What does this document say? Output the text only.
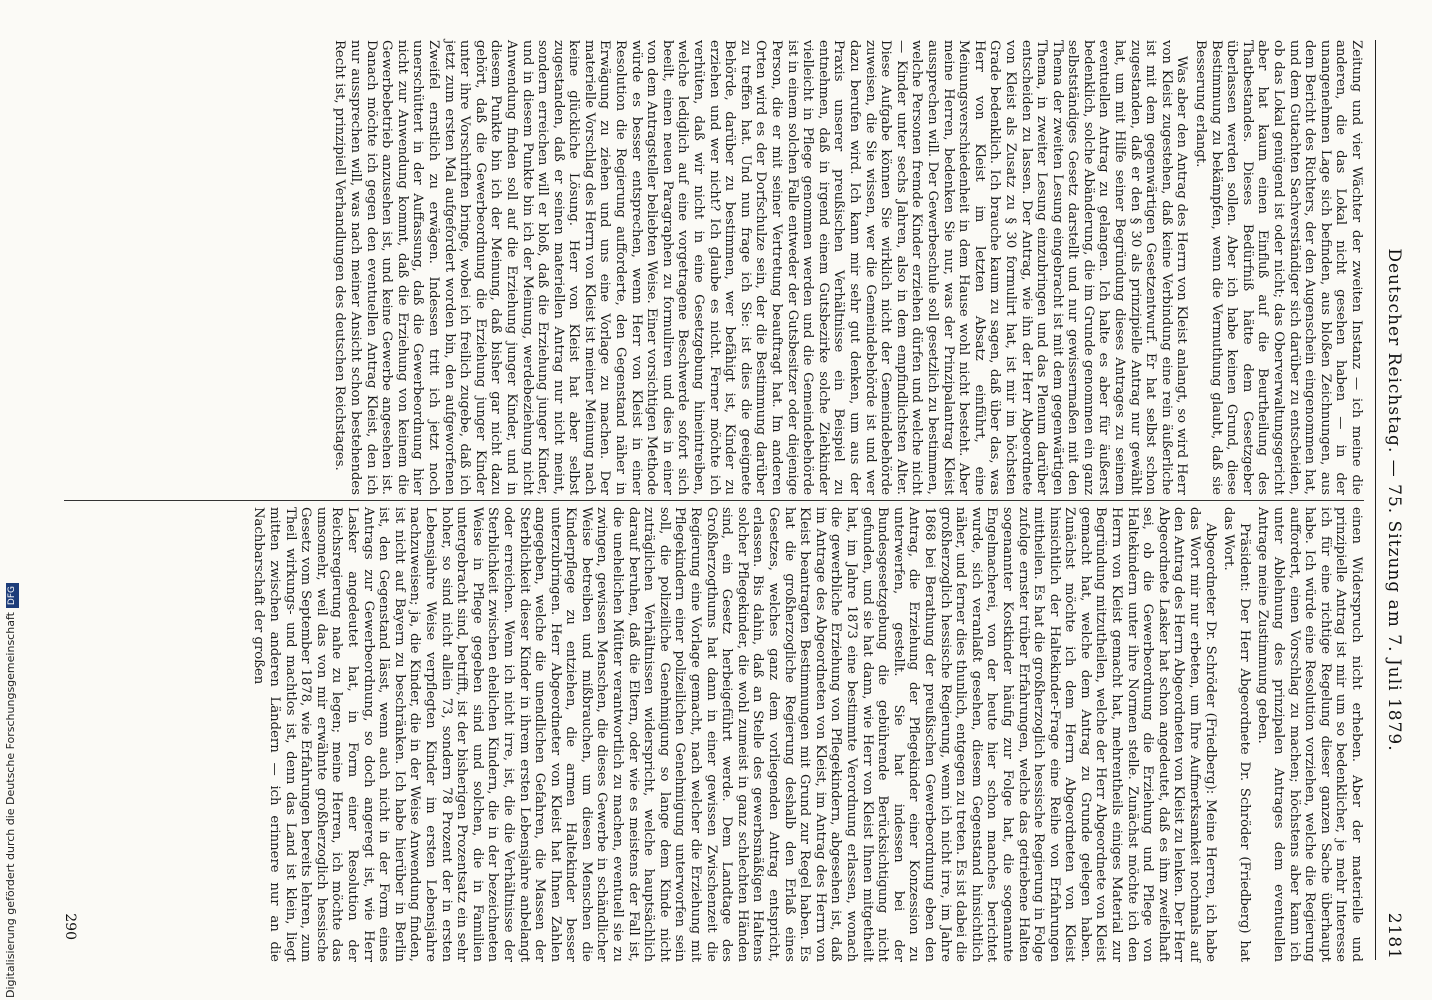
Deutscher Reichstag. — 75. Sitzung am 7. Juli 1879.
2181

Zeitung und vier Wächter der zweiten Instanz — ich meine die anderen, die das Lokal nicht gesehen haben — in der unangenehmen Lage sich befinden, aus bloßen Zeichnungen, aus dem Bericht des Richters, der den Augenschein eingenommen hat, und dem Gutachten Sachverständiger sich darüber zu entscheiden, ob das Lokal genügend ist oder nicht; das Oberverwaltungsgericht aber hat kaum einen Einfluß auf die Beurtheilung des Thatbestandes. Dieses Bedürfniß hätte dem Gesetzgeber überlassen werden sollen. Aber ich habe keinen Grund, diese Bestimmung zu bekämpfen, wenn die Vermuthung glaubt, daß sie Besserung erlangt.

Was aber den Antrag des Herrn von Kleist anlangt, so wird Herr von Kleist zugestehen, daß keine Verbindung eine rein äußerliche ist mit dem gegenwärtigen Gesetzentwurf. Er hat selbst schon zugestanden, daß er den § 30 als prinzipielle Antrag nur gewählt hat, um mit Hilfe seiner Begründung dieses Antrages zu seinem eventuellen Antrag zu gelangen. Ich halte es aber für äußerst bedenklich, solche Abänderung, die im Grunde genommen ein ganz selbstständiges Gesetz darstellt und nur gewissermaßen mit den Thema der zweiten Lesung eingebracht ist mit dem gegenwärtigen Thema, in zweiter Lesung einzubringen und das Plenum darüber entscheiden zu lassen. Der Antrag, wie ihn der Herr Abgeordnete von Kleist als Zusatz zu § 30 formulirt hat, ist mir im höchsten Grade bedenklich. Ich brauche kaum zu sagen, daß über das, was Herr von Kleist im letzten Absatz einführt, eine Meinungsverschiedenheit in dem Hause wohl nicht besteht. Aber meine Herren, bedenken Sie nur, was der Prinzipalantrag Kleist aussprechen will. Der Gewerbeschule soll gesetzlich zu bestimmen, welche Personen fremde Kinder erziehen dürfen und welche nicht — Kinder unter sechs Jahren, also in dem empfindlichsten Alter. Diese Aufgabe können Sie wirklich nicht der Gemeindebehörde zuweisen, die Sie wissen, wer die Gemeindebehörde ist und wer dazu berufen wird. Ich kann mir sehr gut denken, um aus der Praxis unserer preußischen Verhältnisse ein Beispiel zu entnehmen, daß in irgend einem Gutsbezirke solche Ziehkinder vielleicht in Pflege genommen werden und die Gemeindebehörde ist in einem solchen Falle entweder der Gutsbesitzer oder diejenige Person, die er mit seiner Vertretung beauftragt hat. Im anderen Orten wird es der Dorfschulze sein, der die Bestimmung darüber zu treffen hat. Und nun frage ich Sie: ist dies die geeignete Behörde, darüber zu bestimmen, wer befähigt ist, Kinder zu erziehen und wer nicht? Ich glaube es nicht. Ferner möchte ich verhüten, daß wir nicht in eine Gesetzgebung hineintreiben, welche lediglich auf eine vorgetragene Beschwerde sofort sich beeilt, einen neuen Paragraphen zu formuliren und dies in einer von dem Antragsteller beliebten Weise. Einer vorsichtigen Methode würde es besser entsprechen, wenn Herr von Kleist in einer Resolution die Regierung aufforderte, den Gegenstand näher in Erwägung zu ziehen und uns eine Vorlage zu machen. Der materielle Vorschlag des Herrn von Kleist ist meiner Meinung nach keine glückliche Lösung. Herr von Kleist hat aber selbst zugestanden, daß er seinen materiellen Antrag nur nicht meint, sondern erreichen will er bloß, daß die Erziehung junger Kinder, und in diesem Punkte bin ich der Meinung, werdebeziehung nicht Anwendung finden soll auf die Erziehung junger Kinder, und in diesem Punkte bin ich der Meinung, daß bisher gar nicht dazu gehört, daß die Gewerbeordnung die Erziehung junger Kinder unter ihre Vorschriften bringe, wobei ich freilich zugebe, daß ich jetzt zum ersten Mal aufgefordert worden bin, den aufgeworfenen Zweifel ernstlich zu erwägen. Indessen tritt ich jetzt noch unerschüttert in der Auffassung, daß die Gewerbeordnung hier nicht zur Anwendung kommt, daß die Erziehung von keinem die Gewerbebetrieb anzusehen ist, und keine Gewerbe angesehen ist. Danach möchte ich gegen den eventuellen Antrag Kleist, den ich nur aussprechen will, was nach meiner Ansicht schon bestehendes Recht ist, prinzipiell Verhandlungen des deutschen Reichstages.

einen Widerspruch nicht erheben. Aber der materielle und prinzipielle Antrag ist mir um so bedenklicher, je mehr Interesse ich für eine richtige Regelung dieser ganzen Sache überhaupt habe. Ich würde eine Resolution vorziehen, welche die Regierung auffordert, einen Vorschlag zu machen; höchstens aber kann ich unter Ablehnung des prinzipalen Antrages dem eventuellen Antrage meine Zustimmung geben.

Präsident: Der Herr Abgeordnete Dr. Schröder (Friedberg) hat das Wort.

Abgeordneter Dr. Schröder (Friedberg): Meine Herren, ich habe das Wort mir nur erbeten, um Ihre Aufmerksamkeit nochmals auf den Antrag des Herrn Abgeordneten von Kleist zu lenken. Der Herr Abgeordnete Lasker hat schon angedeutet, daß es ihm zweifelhaft sei, ob die Gewerbeordnung die Erziehung und Pflege von Haltekindern unter ihre Normen stelle. Zunächst möchte ich den Herrn von Kleist gemacht hat, mehrentheils einiges Material zur Begründung mitzutheilen, welche der Herr Abgeordnete von Kleist gemacht hat, welche dem Antrag zu Grunde gelegen haben. Zunächst möchte ich dem Herrn Abgeordneten von Kleist hinsichtlich der Haltekinder-Frage eine Reihe von Erfahrungen mittheilen. Es hat die großherzoglich hessische Regierung in Folge zufolge ernster trüber Erfahrungen, welche das getriebene Halten sogenannter Kostkinder häufig zur Folge hat, die sogenannte Engelmacherei, von der heute hier schon manches berichtet wurde, sich veranlaßt gesehen, diesem Gegenstand hinsichtlich näher, und ferner dies thunlich, entgegen zu treten. Es ist dabei die großherzoglich hessische Regierung, wenn ich nicht irre, im Jahre 1868 bei Berathung der preußischen Gewerbeordnung eben den Antrag, die Erziehung der Pflegekinder einer Konzession zu unterwerfen, gestellt. Sie hat indessen bei der Bundesgesetzgebung die gebührende Berücksichtigung nicht gefunden, und sie hat dann, wie Herr von Kleist Ihnen mitgetheilt hat, im Jahre 1873 eine bestimmte Verordnung erlassen, wonach die gewerbliche Erziehung von Pflegekindern, abgesehen ist, daß im Antrage des Abgeordneten von Kleist, im Antrag des Herrn von Kleist beantragten Bestimmungen mit Grund zur Regel haben. Es hat die großherzogliche Regierung deshalb den Erlaß eines Gesetzes, welches ganz dem vorliegenden Antrag entspricht, erlassen. Bis dahin, daß an Stelle des gewerbsmäßigen Haltens solcher Pflegekinder, die wohl zumeist in ganz schlechten Händen sind, ein Gesetz herbeigeführt werde. Dem Landtage des Großherzogthums hat dann in einer gewissen Zwischenzeit die Regierung eine Vorlage gemacht, nach welcher die Erziehung mit Pflegekindern einer polizeilichen Genehmigung unterworfen sein soll, die polizeiliche Genehmigung so lange dem Kinde nicht zuträglichen Verhältnissen widerspricht, welche hauptsächlich darauf beruhen, daß die Eltern, oder wie es meistens der Fall ist, die unehelichen Mütter verantwortlich zu machen, eventuell sie zu zwingen, gewissen Menschen, die dieses Gewerbe in schändlicher Weise betreiben und mißbrauchen, um diesen Menschen die Kinderpflege zu entziehen, die armen Haltekinder besser unterzubringen. Herr Abgeordneter von Kleist hat Ihnen Zahlen angegeben, welche die unendlichen Gefahren, die Massen der Sterblichkeit dieser Kinder in ihrem ersten Lebensjahre anbelangt oder erreichen. Wenn ich nicht irre, ist, die die Verhältnisse der Sterblichkeit zwischen ehelichen Kindern, die in der bezeichneten Weise in Pflege gegeben sind und solchen, die in Familien untergebracht sind, betrifft, ist der bisherigen Prozentsatz ein sehr hoher, so sind nicht allein 73, sondern 78 Prozent der in ersten Lebensjahre Weise verpflegten Kinder im ersten Lebensjahre nachzuweisen; ja, die Kinder, die in der Weise Anwendung finden, ist nicht auf Bayern zu beschränken. Ich habe hierüber in Berlin ist, den Gegenstand lässt, wenn auch nicht in der Form eines Antrags zur Gewerbeordnung, so doch angeregt ist, wie Herr Lasker angedeutet hat, in Form einer Resolution der Reichsregierung nahe zu legen; meine Herren, ich möchte das umsomehr, weil das von mir erwähnte großherzoglich hessische Gesetz vom September 1878, wie Erfahrungen bereits lehren, zum Theil wirkungs- und machtlos ist, denn das Land ist klein, liegt mitten zwischen anderen Ländern — ich erinnere nur an die Nachbarschaft der großen

290
Digitalisierung gefördert durch die Deutsche ForschungsgemeinschaftDFG
